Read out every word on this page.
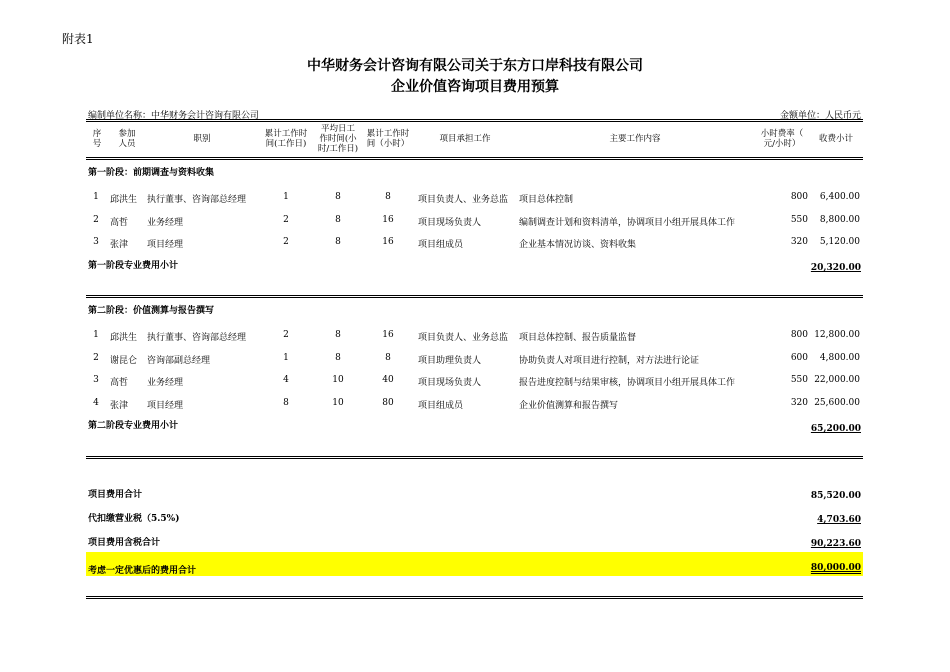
附表1
中华财务会计咨询有限公司关于东方口岸科技有限公司
企业价值咨询项目费用预算
编制单位名称：中华财务会计咨询有限公司	金额单位：人民币元
序
号
参加
人员	职别	累计工作时
间(工作日)
平均日工
作时间(小
时/工作日)
累计工作时
间（小时）	项目承担工作	主要工作内容	小时费率（
元/小时）	收费小计
第一阶段：前期调查与资料收集
1	邱洪生	执行董事、咨询部总经理	1	8	8	项目负责人、业务总监	项目总体控制	800	6,400.00
2	高哲	业务经理	2	8	16	项目现场负责人	编制调查计划和资料清单，协调项目小组开展具体工作	550	8,800.00
3	张津	项目经理	2	8	16	项目组成员	企业基本情况访谈、资料收集	320	5,120.00
第一阶段专业费用小计	20,320.00
第二阶段：价值测算与报告撰写
1	邱洪生	执行董事、咨询部总经理	2	8	16	项目负责人、业务总监	项目总体控制、报告质量监督	800 12,800.00
2	谢昆仑	咨询部副总经理	1	8	8	项目助理负责人	协助负责人对项目进行控制，对方法进行论证	600	4,800.00
3	高哲	业务经理	4	10	40	项目现场负责人	报告进度控制与结果审核，协调项目小组开展具体工作	550 22,000.00
4	张津	项目经理	8	10	80	项目组成员	企业价值测算和报告撰写	320 25,600.00
第二阶段专业费用小计	65,200.00
项目费用合计	85,520.00
代扣缴营业税（5.5%)	4,703.60
项目费用含税合计	90,223.60
考虑一定优惠后的费用合计	80,000.00
